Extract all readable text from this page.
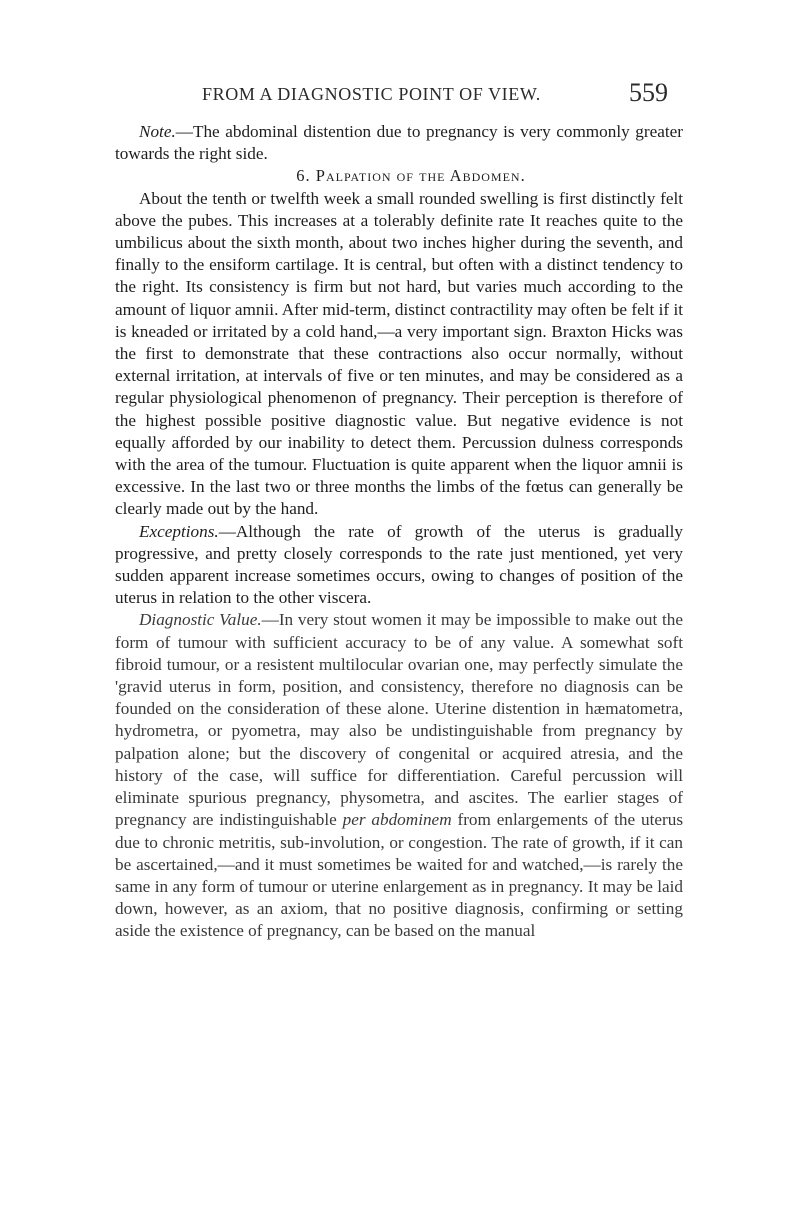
FROM A DIAGNOSTIC POINT OF VIEW.	559

Note.—The abdominal distention due to pregnancy is very commonly greater towards the right side.

6. Palpation of the Abdomen.

About the tenth or twelfth week a small rounded swelling is first distinctly felt above the pubes. This increases at a tolerably definite rate It reaches quite to the umbilicus about the sixth month, about two inches higher during the seventh, and finally to the ensiform cartilage. It is central, but often with a distinct tendency to the right. Its consistency is firm but not hard, but varies much according to the amount of liquor amnii. After mid-term, distinct contractility may often be felt if it is kneaded or irritated by a cold hand,—a very important sign. Braxton Hicks was the first to demonstrate that these contractions also occur normally, without external irritation, at intervals of five or ten minutes, and may be considered as a regular physiological phenomenon of pregnancy. Their perception is therefore of the highest possible positive diagnostic value. But negative evidence is not equally afforded by our inability to detect them. Percussion dulness corresponds with the area of the tumour. Fluctuation is quite apparent when the liquor amnii is excessive. In the last two or three months the limbs of the fœtus can generally be clearly made out by the hand.

Exceptions.—Although the rate of growth of the uterus is gradually progressive, and pretty closely corresponds to the rate just mentioned, yet very sudden apparent increase sometimes occurs, owing to changes of position of the uterus in relation to the other viscera.

Diagnostic Value.—In very stout women it may be impossible to make out the form of tumour with sufficient accuracy to be of any value. A somewhat soft fibroid tumour, or a resistent multilocular ovarian one, may perfectly simulate the 'gravid uterus in form, position, and consistency, therefore no diagnosis can be founded on the consideration of these alone. Uterine distention in hæmatometra, hydrometra, or pyometra, may also be undistinguishable from pregnancy by palpation alone; but the discovery of congenital or acquired atresia, and the history of the case, will suffice for differentiation. Careful percussion will eliminate spurious pregnancy, physometra, and ascites. The earlier stages of pregnancy are indistinguishable per abdominem from enlargements of the uterus due to chronic metritis, sub-involution, or congestion. The rate of growth, if it can be ascertained,—and it must sometimes be waited for and watched,—is rarely the same in any form of tumour or uterine enlargement as in pregnancy. It may be laid down, however, as an axiom, that no positive diagnosis, confirming or setting aside the existence of pregnancy, can be based on the manual
